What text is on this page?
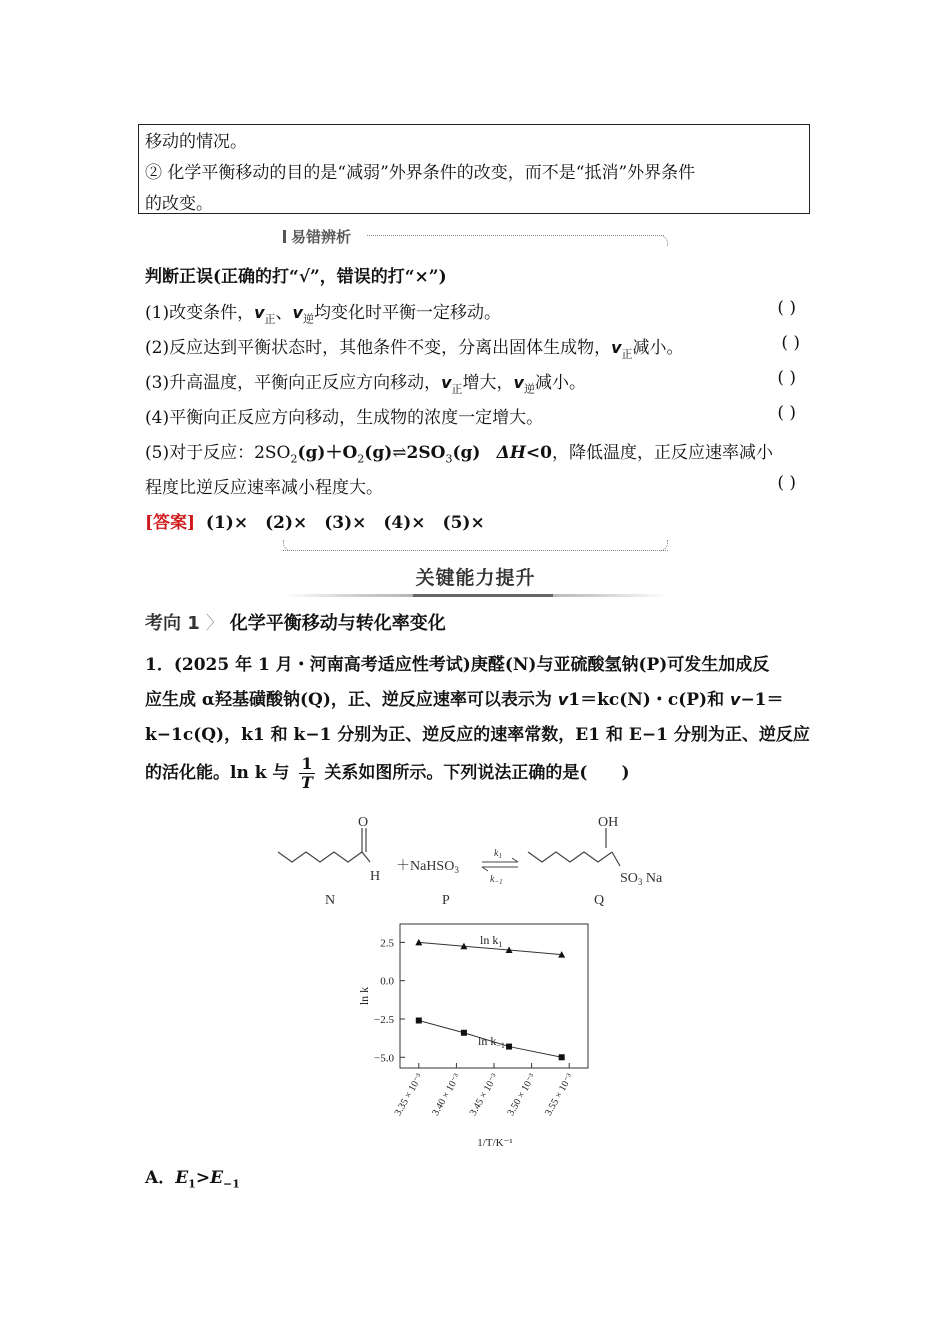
移动的情况。

② 化学平衡移动的目的是“减弱”外界条件的改变，而不是“抵消”外界条件

的改变。

易错辨析
判断正误(正确的打“√”，错误的打“×”)
(1)改变条件，$v_正$、$v_逆$均变化时平衡一定移动。	( )
(2)反应达到平衡状态时，其他条件不变，分离出固体生成物，$v_正$减小。	( )
(3)升高温度，平衡向正反应方向移动，$v_正$增大，$v_逆$减小。	( )
(4)平衡向正反应方向移动，生成物的浓度一定增大。	( )
(5)对于反应：$2SO_2(g)+O_2(g)\rightleftharpoons 2SO_3(g)$ ΔH<0，降低温度，正反应速率减小
程度比逆反应速率减小程度大。	( )
[答案] (1)×　(2)×　(3)×　(4)×　(5)×
关键能力提升
考向 1 〉 化学平衡移动与转化率变化
1．(2025 年 1 月・河南高考适应性考试)庚醛(N)与亚硫酸氢钠(P)可发生加成反
应生成 α羟基磺酸钠(Q)，正、逆反应速率可以表示为 v1＝kc(N)・c(P)和 v−1＝
k−1c(Q)，k1 和 k−1 分别为正、逆反应的速率常数，E1 和 E−1 分别为正、逆反应
的活化能。ln k 与 $\frac{1}{T}$ 关系如图所示。下列说法正确的是(　　)
O
H
N
＋NaHSO$_3$
P
$k_1$
$k_{-1}$
OH
$SO_3$ Na
Q
2.5
0.0
−2.5
−5.0
3.35 × 10⁻³ 3.40 × 10⁻³ 3.45 × 10⁻³ 3.50 × 10⁻³ 3.55 × 10⁻³
$\ln k_1$
$\ln k_{-1}$
ln k
1/T/K⁻¹
A．$E_1>E_{-1}$
